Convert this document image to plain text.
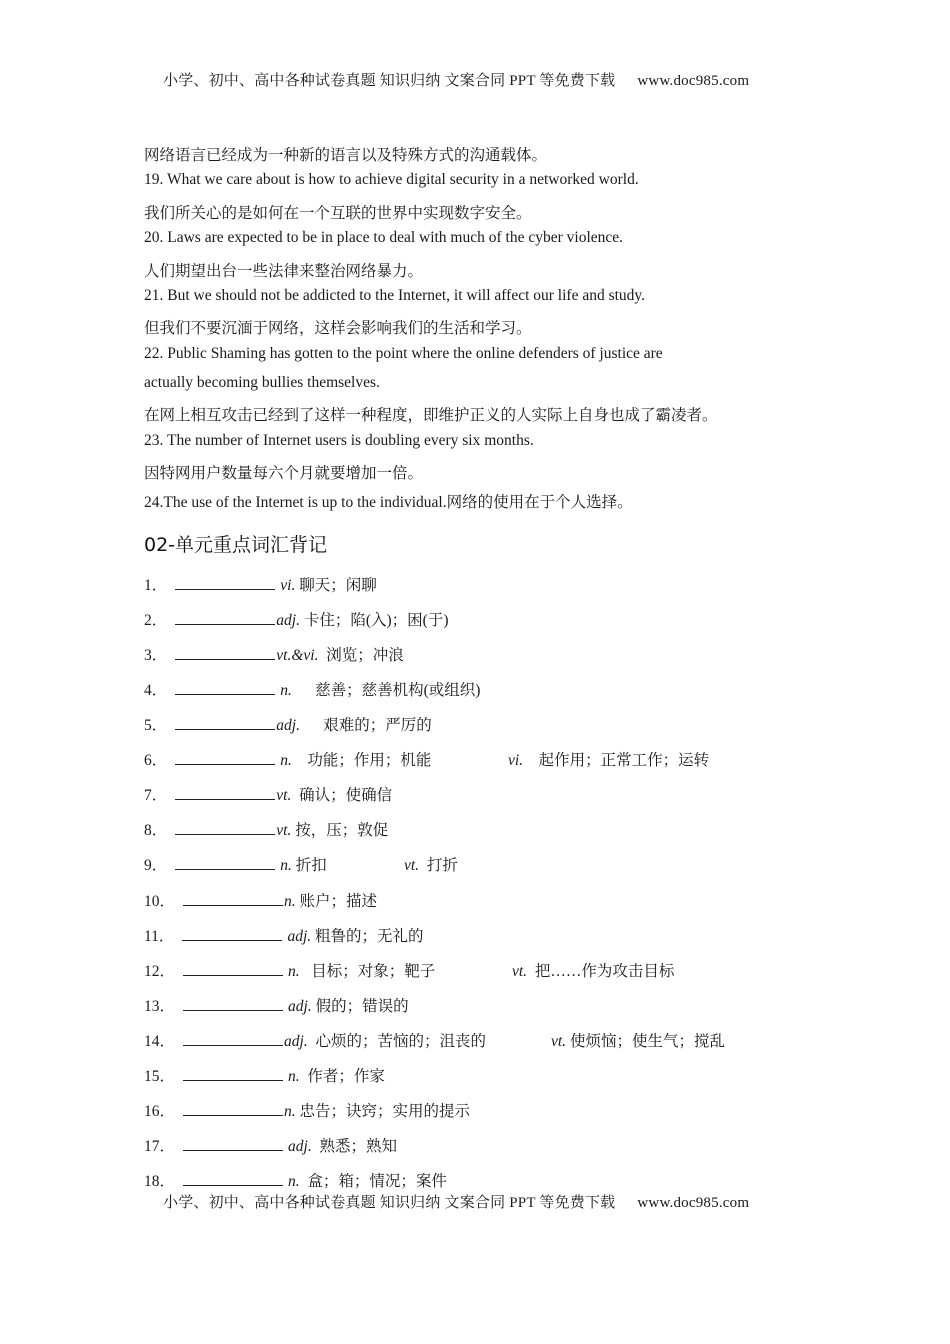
小学、初中、高中各种试卷真题 知识归纳 文案合同 PPT 等免费下载 www.doc985.com
网络语言已经成为一种新的语言以及特殊方式的沟通载体。
19. What we care about is how to achieve digital security in a networked world.
我们所关心的是如何在一个互联的世界中实现数字安全。
20. Laws are expected to be in place to deal with much of the cyber violence.
人们期望出台一些法律来整治网络暴力。
21. But we should not be addicted to the Internet, it will affect our life and study.
但我们不要沉湎于网络，这样会影响我们的生活和学习。
22. Public Shaming has gotten to the point where the online defenders of justice are
actually becoming bullies themselves.
在网上相互攻击已经到了这样一种程度，即维护正义的人实际上自身也成了霸凌者。
23. The number of Internet users is doubling every six months.
因特网用户数量每六个月就要增加一倍。
24.The use of the Internet is up to the individual.网络的使用在于个人选择。
02-单元重点词汇背记
1．	vi. 聊天；闲聊
2．	adj. 卡住；陷(入)；困(于)
3．	vt.&vi.  浏览；冲浪
4．	n.      慈善；慈善机构(或组织)
5．	adj.      艰难的；严厉的
6．	n.    功能；作用；机能	vi.    起作用；正常工作；运转
7．	vt.  确认；使确信
8．	vt. 按，压；敦促
9．	n. 折扣	vt.  打折
10．	n. 账户；描述
11．	adj. 粗鲁的；无礼的
12．	n.   目标；对象；靶子	vt.  把……作为攻击目标
13．	adj. 假的；错误的
14．	adj.  心烦的；苦恼的；沮丧的	vt. 使烦恼；使生气；搅乱
15．	n.  作者；作家
16．	n. 忠告；诀窍；实用的提示
17．	adj.  熟悉；熟知
18．	n.  盒；箱；情况；案件
小学、初中、高中各种试卷真题 知识归纳 文案合同 PPT 等免费下载 www.doc985.com
